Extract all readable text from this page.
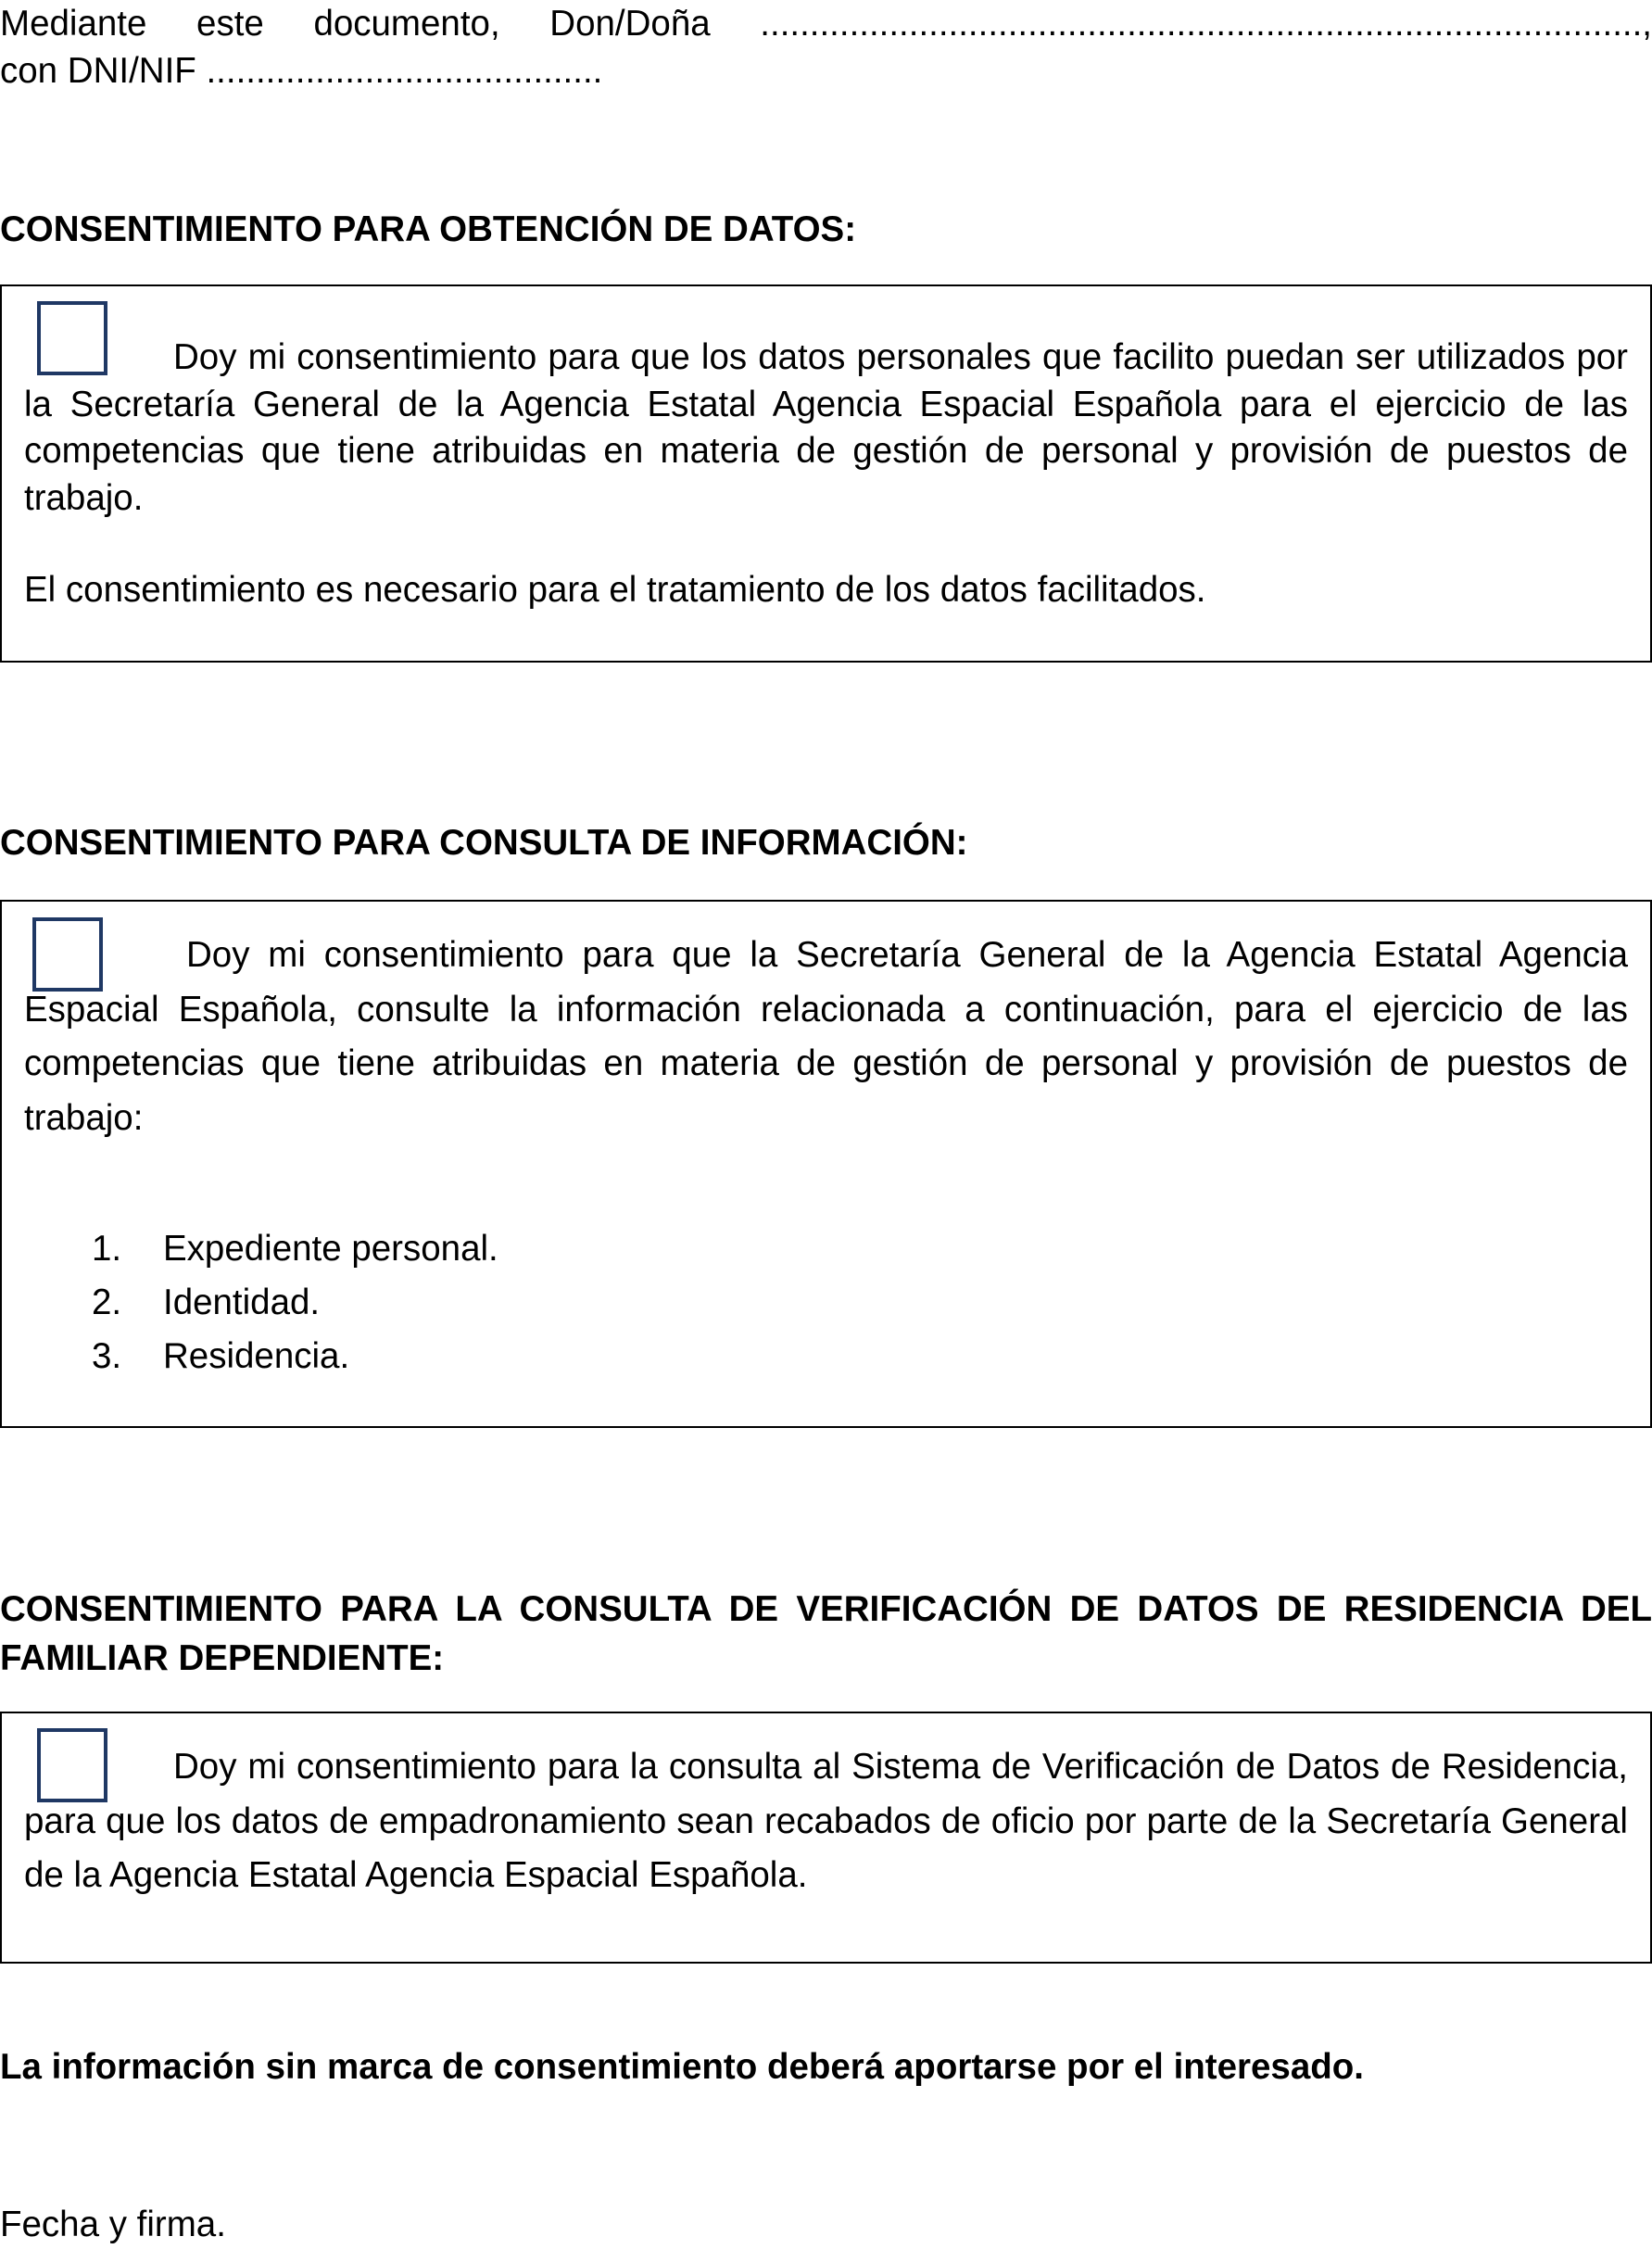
Mediante este documento, Don/Doña .........................................................................................,
con DNI/NIF ........................................
CONSENTIMIENTO PARA OBTENCIÓN DE DATOS:
Doy mi consentimiento para que los datos personales que facilito puedan ser utilizados por la Secretaría General de la Agencia Estatal Agencia Espacial Española para el ejercicio de las competencias que tiene atribuidas en materia de gestión de personal y provisión de puestos de trabajo.
El consentimiento es necesario para el tratamiento de los datos facilitados.
CONSENTIMIENTO PARA CONSULTA DE INFORMACIÓN:
Doy mi consentimiento para que la Secretaría General de la Agencia Estatal Agencia Espacial Española, consulte la información relacionada a continuación, para el ejercicio de las competencias que tiene atribuidas en materia de gestión de personal y provisión de puestos de trabajo:
1. Expediente personal.
2. Identidad.
3. Residencia.
CONSENTIMIENTO PARA LA CONSULTA DE VERIFICACIÓN DE DATOS DE RESIDENCIA DEL FAMILIAR DEPENDIENTE:
Doy mi consentimiento para la consulta al Sistema de Verificación de Datos de Residencia, para que los datos de empadronamiento sean recabados de oficio por parte de la Secretaría General de la Agencia Estatal Agencia Espacial Española.
La información sin marca de consentimiento deberá aportarse por el interesado.
Fecha y firma.
